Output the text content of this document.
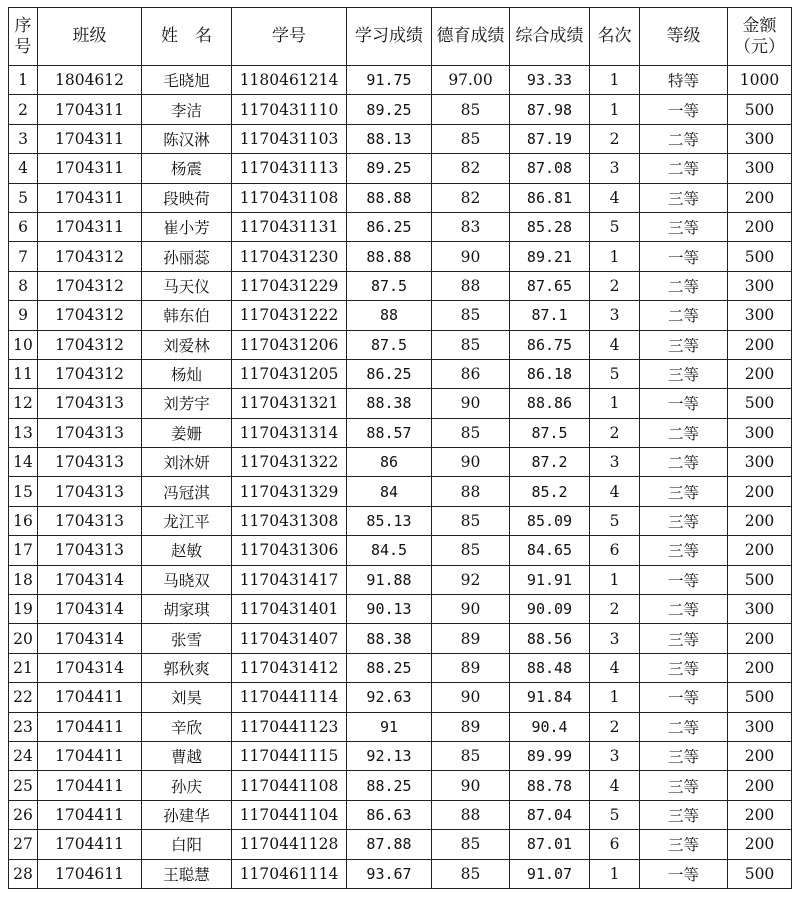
序号	班级	姓　名	学号	学习成绩	德育成绩	综合成绩	名次	等级	金额（元）
1	1804612	毛晓旭	1180461214	91.75	97.00	93.33	1	特等	1000
2	1704311	李洁	1170431110	89.25	85	87.98	1	一等	500
3	1704311	陈汉淋	1170431103	88.13	85	87.19	2	二等	300
4	1704311	杨震	1170431113	89.25	82	87.08	3	二等	300
5	1704311	段映荷	1170431108	88.88	82	86.81	4	三等	200
6	1704311	崔小芳	1170431131	86.25	83	85.28	5	三等	200
7	1704312	孙丽蕊	1170431230	88.88	90	89.21	1	一等	500
8	1704312	马天仪	1170431229	87.5	88	87.65	2	二等	300
9	1704312	韩东伯	1170431222	88	85	87.1	3	二等	300
10	1704312	刘爱林	1170431206	87.5	85	86.75	4	三等	200
11	1704312	杨灿	1170431205	86.25	86	86.18	5	三等	200
12	1704313	刘芳宇	1170431321	88.38	90	88.86	1	一等	500
13	1704313	姜姗	1170431314	88.57	85	87.5	2	二等	300
14	1704313	刘沐妍	1170431322	86	90	87.2	3	二等	300
15	1704313	冯冠淇	1170431329	84	88	85.2	4	三等	200
16	1704313	龙江平	1170431308	85.13	85	85.09	5	三等	200
17	1704313	赵敏	1170431306	84.5	85	84.65	6	三等	200
18	1704314	马晓双	1170431417	91.88	92	91.91	1	一等	500
19	1704314	胡家琪	1170431401	90.13	90	90.09	2	二等	300
20	1704314	张雪	1170431407	88.38	89	88.56	3	三等	200
21	1704314	郭秋爽	1170431412	88.25	89	88.48	4	三等	200
22	1704411	刘昊	1170441114	92.63	90	91.84	1	一等	500
23	1704411	辛欣	1170441123	91	89	90.4	2	二等	300
24	1704411	曹越	1170441115	92.13	85	89.99	3	三等	200
25	1704411	孙庆	1170441108	88.25	90	88.78	4	三等	200
26	1704411	孙建华	1170441104	86.63	88	87.04	5	三等	200
27	1704411	白阳	1170441128	87.88	85	87.01	6	三等	200
28	1704611	王聪慧	1170461114	93.67	85	91.07	1	一等	500
